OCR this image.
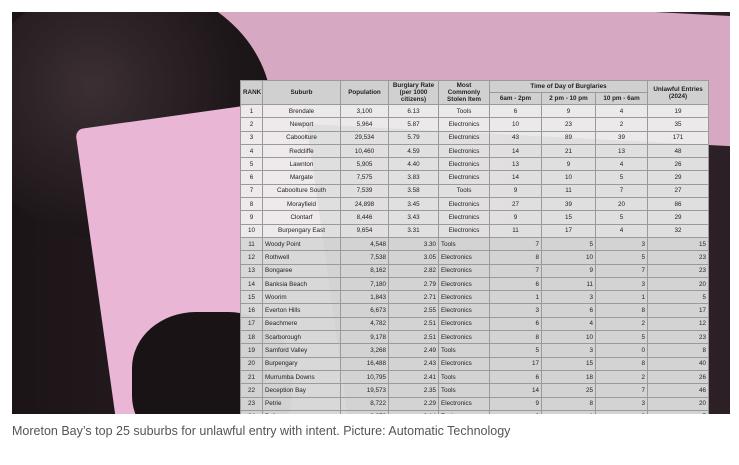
RANK	Suburb	Population	Burglary Rate (per 1000 citizens)	Most Commonly Stolen Item	Time of Day of Burglaries			Unlawful Entries (2024)
					6am - 2pm	2 pm - 10 pm	10 pm - 6am	
1	Brendale	3,100	6.13	Tools	6	9	4	19
2	Newport	5,964	5.87	Electronics	10	23	2	35
3	Caboolture	29,534	5.79	Electronics	43	89	39	171
4	Redcliffe	10,460	4.59	Electronics	14	21	13	48
5	Lawnton	5,905	4.40	Electronics	13	9	4	26
6	Margate	7,575	3.83	Electronics	14	10	5	29
7	Caboolture South	7,539	3.58	Tools	9	11	7	27
8	Morayfield	24,898	3.45	Electronics	27	39	20	86
9	Clontarf	8,446	3.43	Electronics	9	15	5	29
10	Burpengary East	9,654	3.31	Electronics	11	17	4	32
11	Woody Point	4,548	3.30	Tools	7	5	3	15
12	Rothwell	7,538	3.05	Electronics	8	10	5	23
13	Bongaree	8,162	2.82	Electronics	7	9	7	23
14	Banksia Beach	7,180	2.79	Electronics	6	11	3	20
15	Woorim	1,843	2.71	Electronics	1	3	1	5
16	Everton Hills	6,673	2.55	Electronics	3	6	8	17
17	Beachmere	4,782	2.51	Electronics	6	4	2	12
18	Scarborough	9,178	2.51	Electronics	8	10	5	23
19	Samford Valley	3,268	2.49	Tools	5	3	0	8
20	Burpengary	16,488	2.43	Electronics	17	15	8	40
21	Murrumba Downs	10,795	2.41	Tools	6	18	2	26
22	Deception Bay	19,573	2.35	Tools	14	25	7	46
23	Petrie	8,722	2.29	Electronics	9	8	3	20

Moreton Bay’s top 25 suburbs for unlawful entry with intent. Picture: Automatic Technology
